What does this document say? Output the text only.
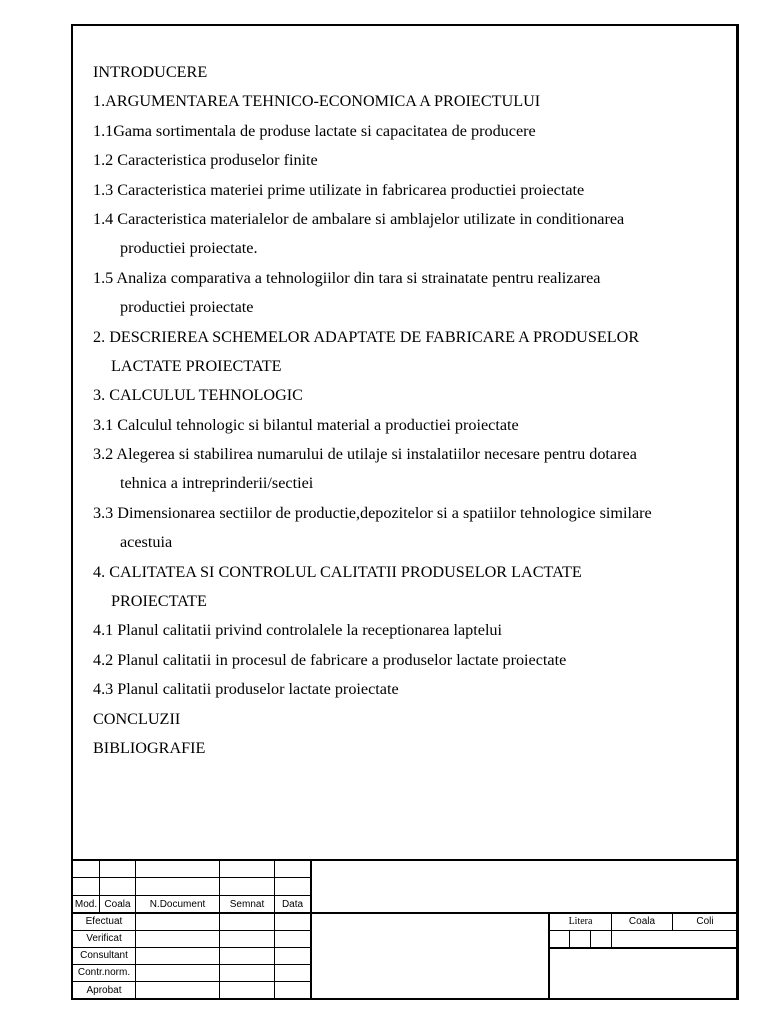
INTRODUCERE
1.ARGUMENTAREA TEHNICO-ECONOMICA A PROIECTULUI
1.1Gama sortimentala de produse lactate si capacitatea de producere
1.2 Caracteristica produselor finite
1.3 Caracteristica materiei prime utilizate in fabricarea productiei proiectate
1.4 Caracteristica materialelor de ambalare si amblajelor utilizate in conditionarea
productiei proiectate.
1.5 Analiza comparativa a tehnologiilor din tara si strainatate pentru realizarea
productiei proiectate
2. DESCRIEREA SCHEMELOR ADAPTATE DE FABRICARE A PRODUSELOR
LACTATE PROIECTATE
3. CALCULUL TEHNOLOGIC
3.1 Calculul tehnologic si bilantul material a productiei proiectate
3.2 Alegerea si stabilirea numarului de utilaje si instalatiilor necesare pentru dotarea
tehnica a intreprinderii/sectiei
3.3 Dimensionarea sectiilor de productie,depozitelor si a spatiilor tehnologice similare
acestuia
4. CALITATEA SI CONTROLUL CALITATII PRODUSELOR LACTATE
PROIECTATE
4.1 Planul calitatii privind controlalele la receptionarea laptelui
4.2 Planul calitatii in procesul de fabricare a produselor lactate proiectate
4.3 Planul calitatii produselor lactate proiectate
CONCLUZII
BIBLIOGRAFIE
Mod. Coala	N.Document	Semnat	Data
Efectuat
Verificat
Consultant
Contr.norm.
Aprobat
Litera	Coala	Coli
